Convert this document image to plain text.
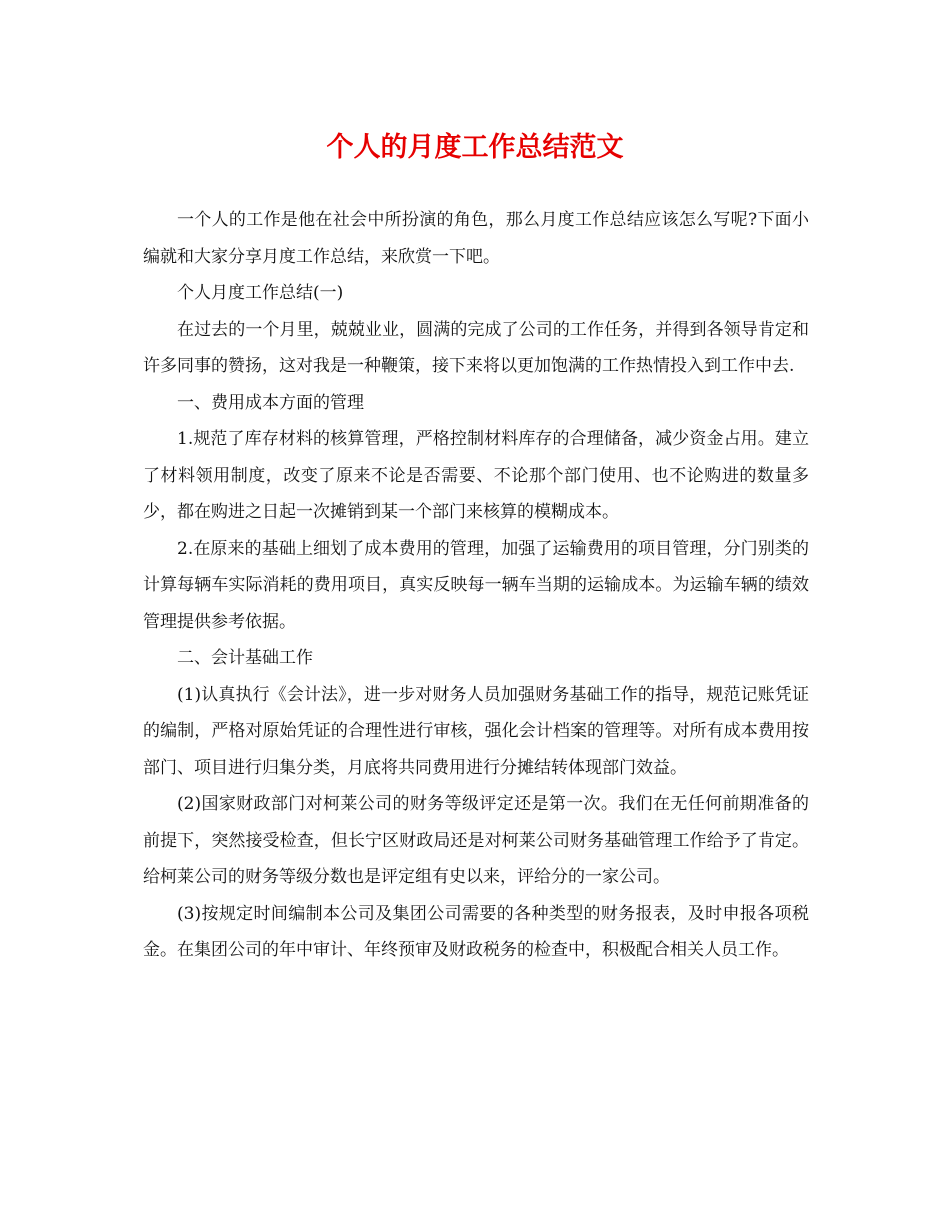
个人的月度工作总结范文

一个人的工作是他在社会中所扮演的角色，那么月度工作总结应该怎么写呢?下面小编就和大家分享月度工作总结，来欣赏一下吧。

个人月度工作总结(一)

在过去的一个月里，兢兢业业，圆满的完成了公司的工作任务，并得到各领导肯定和许多同事的赞扬，这对我是一种鞭策，接下来将以更加饱满的工作热情投入到工作中去.

一、费用成本方面的管理

1.规范了库存材料的核算管理，严格控制材料库存的合理储备，减少资金占用。建立了材料领用制度，改变了原来不论是否需要、不论那个部门使用、也不论购进的数量多少，都在购进之日起一次摊销到某一个部门来核算的模糊成本。

2.在原来的基础上细划了成本费用的管理，加强了运输费用的项目管理，分门别类的计算每辆车实际消耗的费用项目，真实反映每一辆车当期的运输成本。为运输车辆的绩效管理提供参考依据。

二、会计基础工作

(1)认真执行《会计法》，进一步对财务人员加强财务基础工作的指导，规范记账凭证的编制，严格对原始凭证的合理性进行审核，强化会计档案的管理等。对所有成本费用按部门、项目进行归集分类，月底将共同费用进行分摊结转体现部门效益。

(2)国家财政部门对柯莱公司的财务等级评定还是第一次。我们在无任何前期准备的前提下，突然接受检查，但长宁区财政局还是对柯莱公司财务基础管理工作给予了肯定。给柯莱公司的财务等级分数也是评定组有史以来，评给分的一家公司。

(3)按规定时间编制本公司及集团公司需要的各种类型的财务报表，及时申报各项税金。在集团公司的年中审计、年终预审及财政税务的检查中，积极配合相关人员工作。
